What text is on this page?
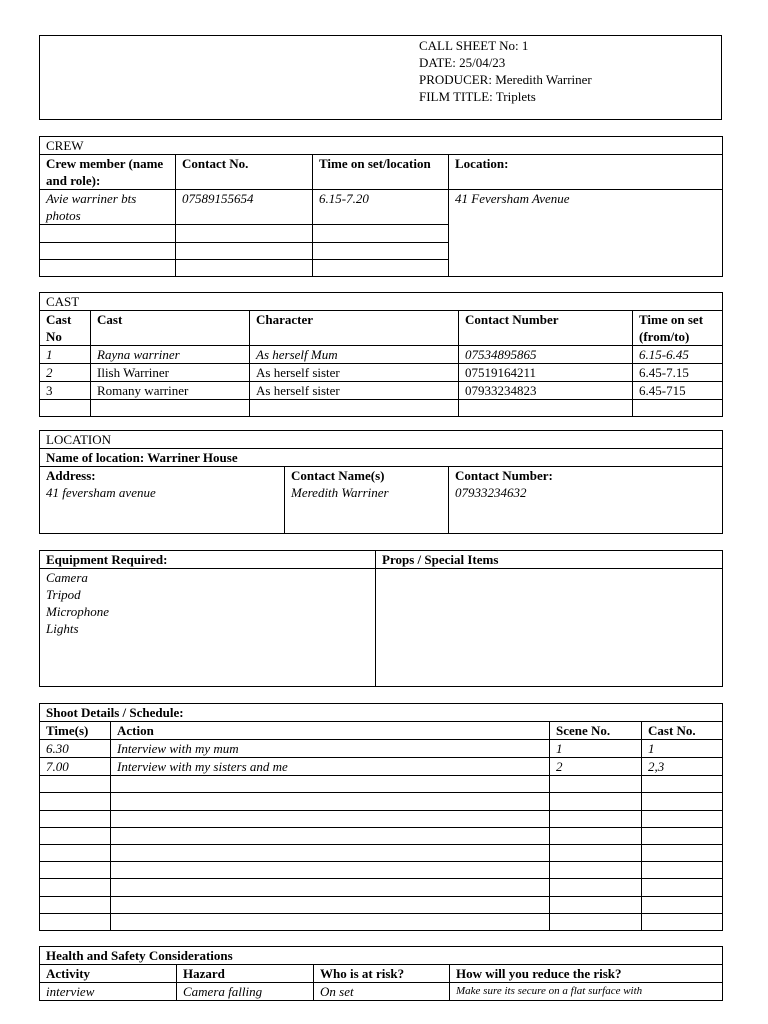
CALL SHEET No: 1
DATE: 25/04/23
PRODUCER: Meredith Warriner
FILM TITLE: Triplets
CREW			
Crew member (name and role):	Contact No.	Time on set/location	Location:
Avie warriner bts photos	07589155654	6.15-7.20	41 Feversham Avenue

CAST				
Cast No	Cast	Character	Contact Number	Time on set (from/to)
1	Rayna warriner	As herself Mum	07534895865	6.15-6.45
2	Ilish Warriner	As herself sister	07519164211	6.45-7.15
3	Romany warriner	As herself sister	07933234823	6.45-715

LOCATION
Name of location: Warriner House

Address:
41 feversham avenue

Contact Name(s)
Meredith Warriner

Contact Number:
07933234632
Equipment Required:	Props / Special Items

Camera
Tripod
Microphone
Lights	

Shoot Details / Schedule:			
Time(s)	Action	Scene No.	Cast No.
6.30	Interview with my mum	1	1
7.00	Interview with my sisters and me	2	2,3

Health and Safety Considerations			
Activity	Hazard	Who is at risk?	How will you reduce the risk?
interview	Camera falling	On set	Make sure its secure on a flat surface with
